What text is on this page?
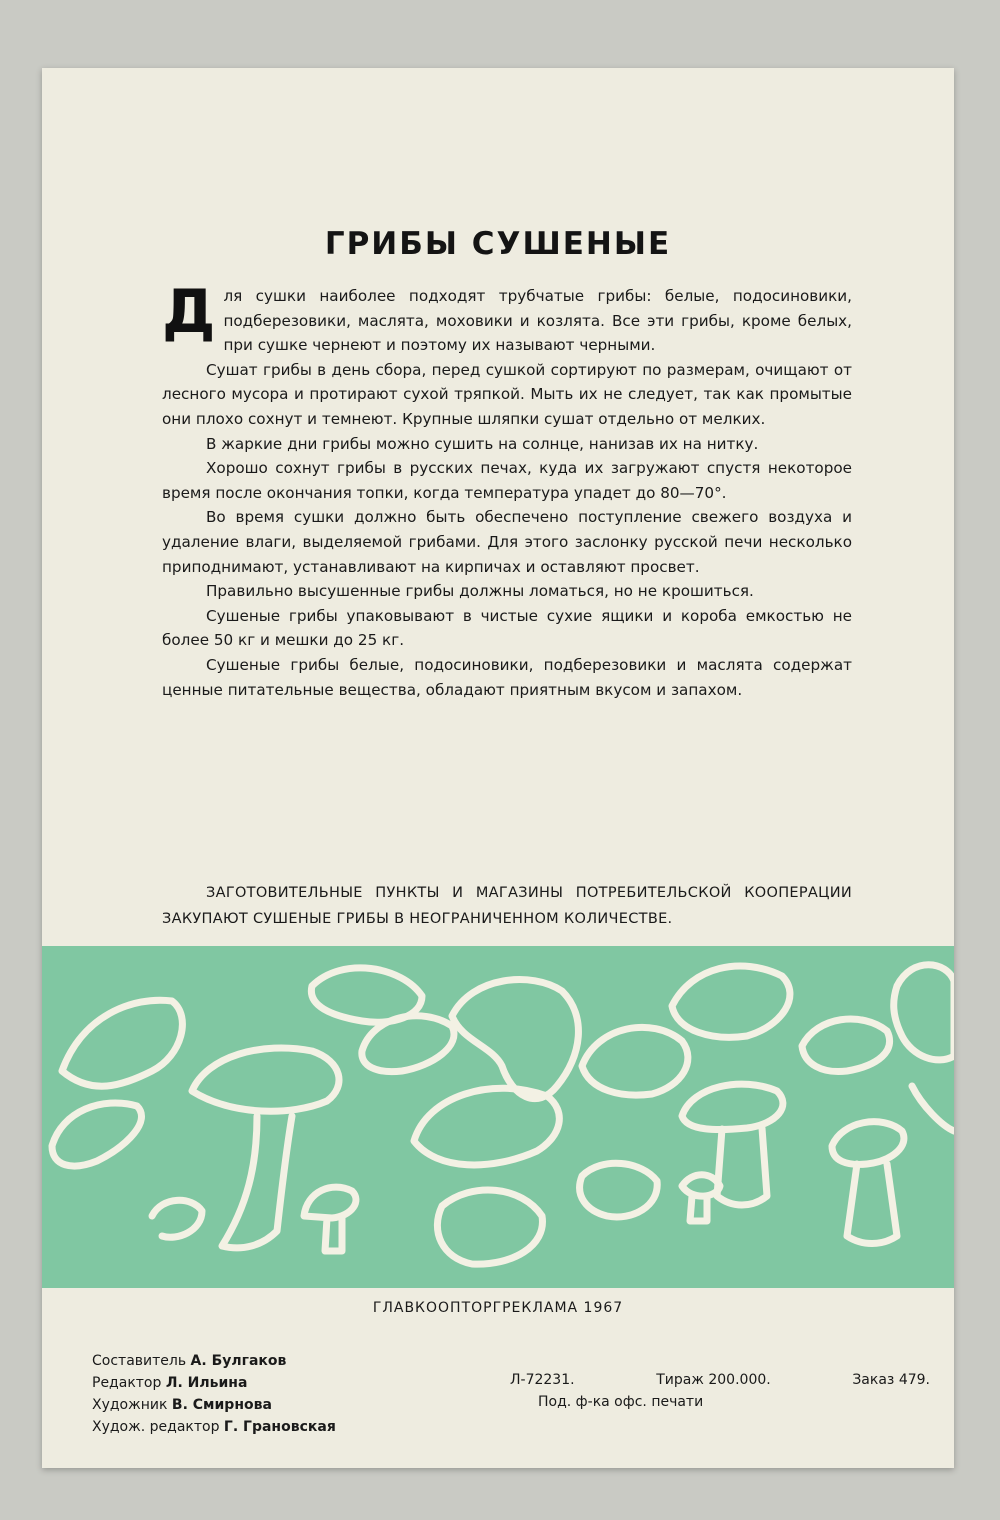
ГРИБЫ СУШЕНЫЕ

Для сушки наиболее подходят трубчатые грибы: белые, подосиновики, подберезовики, маслята, моховики и козлята. Все эти грибы, кроме белых, при сушке чернеют и поэтому их называют черными.

Сушат грибы в день сбора, перед сушкой сортируют по размерам, очищают от лесного мусора и протирают сухой тряпкой. Мыть их не следует, так как промытые они плохо сохнут и темнеют. Крупные шляпки сушат отдельно от мелких.

В жаркие дни грибы можно сушить на солнце, нанизав их на нитку.

Хорошо сохнут грибы в русских печах, куда их загружают спустя некоторое время после окончания топки, когда температура упадет до 80—70°.

Во время сушки должно быть обеспечено поступление свежего воздуха и удаление влаги, выделяемой грибами. Для этого заслонку русской печи несколько приподнимают, устанавливают на кирпичах и оставляют просвет.

Правильно высушенные грибы должны ломаться, но не крошиться.

Сушеные грибы упаковывают в чистые сухие ящики и короба емкостью не более 50 кг и мешки до 25 кг.

Сушеные грибы белые, подосиновики, подберезовики и маслята содержат ценные питательные вещества, обладают приятным вкусом и запахом.

ЗАГОТОВИТЕЛЬНЫЕ ПУНКТЫ И МАГАЗИНЫ ПОТРЕБИТЕЛЬСКОЙ КООПЕРАЦИИ ЗАКУПАЮТ СУШЕНЫЕ ГРИБЫ В НЕОГРАНИЧЕННОМ КОЛИЧЕСТВЕ.
ГЛАВКООПТОРГРЕКЛАМА 1967
Составитель А. Булгаков
Редактор Л. Ильина
Художник В. Смирнова
Худож. редактор Г. Грановская
Л-72231.	Тираж 200.000.	Заказ 479.
Под. ф-ка офс. печати
